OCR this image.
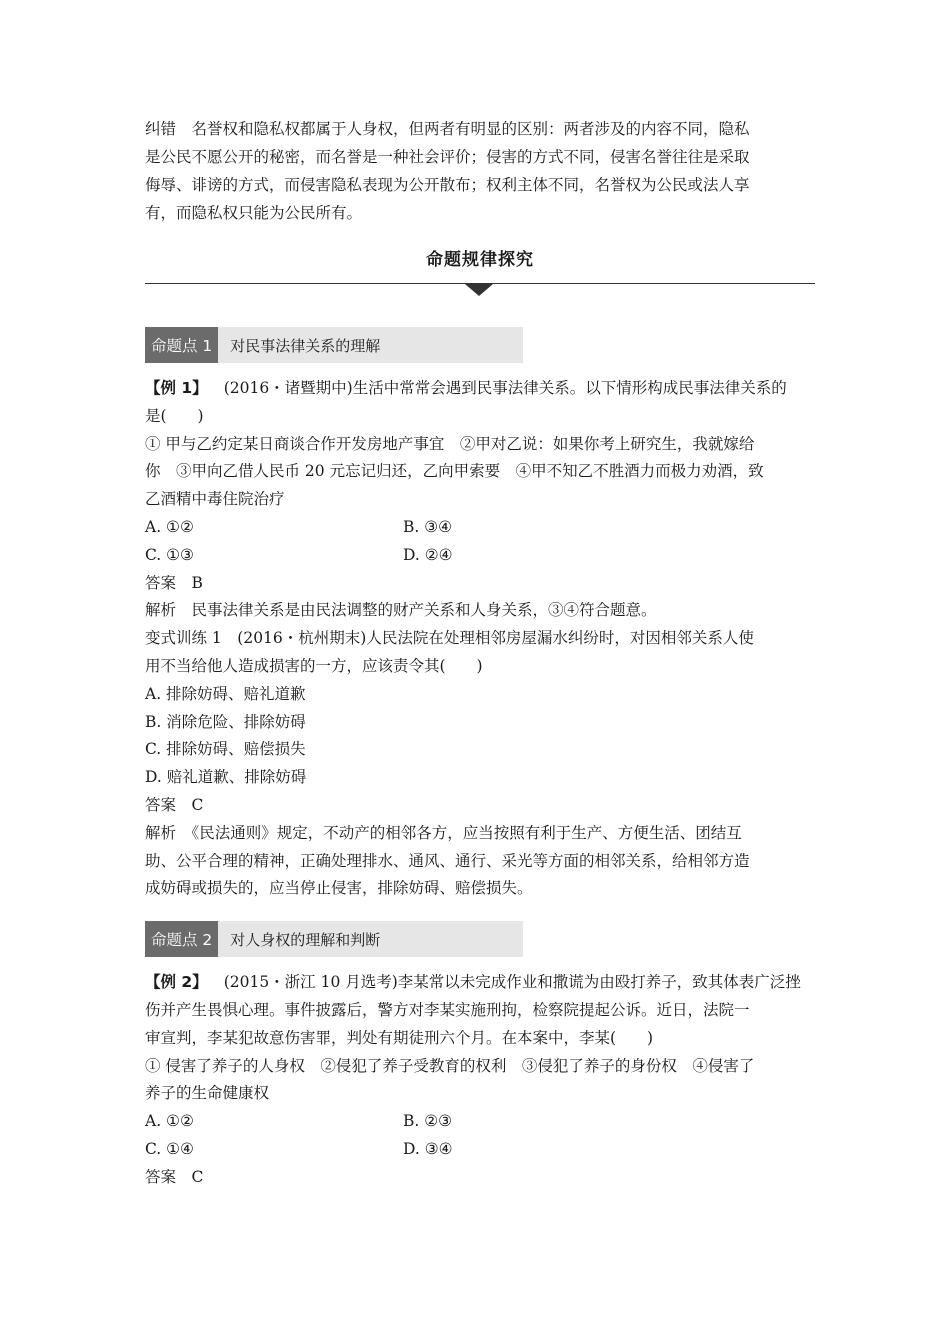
纠错　名誉权和隐私权都属于人身权，但两者有明显的区别：两者涉及的内容不同，隐私

是公民不愿公开的秘密，而名誉是一种社会评价；侵害的方式不同，侵害名誉往往是采取

侮辱、诽谤的方式，而侵害隐私表现为公开散布；权利主体不同，名誉权为公民或法人享

有，而隐私权只能为公民所有。

命题规律探究
命题点 1	对民事法律关系的理解

【例 1】 (2016・诸暨期中)生活中常常会遇到民事法律关系。以下情形构成民事法律关系的

是(　　)

① 甲与乙约定某日商谈合作开发房地产事宜　②甲对乙说：如果你考上研究生，我就嫁给

你　③甲向乙借人民币 20 元忘记归还，乙向甲索要　④甲不知乙不胜酒力而极力劝酒，致

乙酒精中毒住院治疗

A. ①②	B. ③④
C. ①③	D. ②④

答案　B

解析　民事法律关系是由民法调整的财产关系和人身关系，③④符合题意。

变式训练 1　(2016・杭州期末)人民法院在处理相邻房屋漏水纠纷时，对因相邻关系人使

用不当给他人造成损害的一方，应该责令其(　　)

A. 排除妨碍、赔礼道歉

B. 消除危险、排除妨碍

C. 排除妨碍、赔偿损失

D. 赔礼道歉、排除妨碍

答案　C

解析　《民法通则》规定，不动产的相邻各方，应当按照有利于生产、方便生活、团结互

助、公平合理的精神，正确处理排水、通风、通行、采光等方面的相邻关系，给相邻方造

成妨碍或损失的，应当停止侵害，排除妨碍、赔偿损失。

命题点 2	对人身权的理解和判断

【例 2】 (2015・浙江 10 月选考)李某常以未完成作业和撒谎为由殴打养子，致其体表广泛挫

伤并产生畏惧心理。事件披露后，警方对李某实施刑拘，检察院提起公诉。近日，法院一

审宣判，李某犯故意伤害罪，判处有期徒刑六个月。在本案中，李某(　　)

① 侵害了养子的人身权　②侵犯了养子受教育的权利　③侵犯了养子的身份权　④侵害了

养子的生命健康权

A. ①②	B. ②③
C. ①④	D. ③④

答案　C
